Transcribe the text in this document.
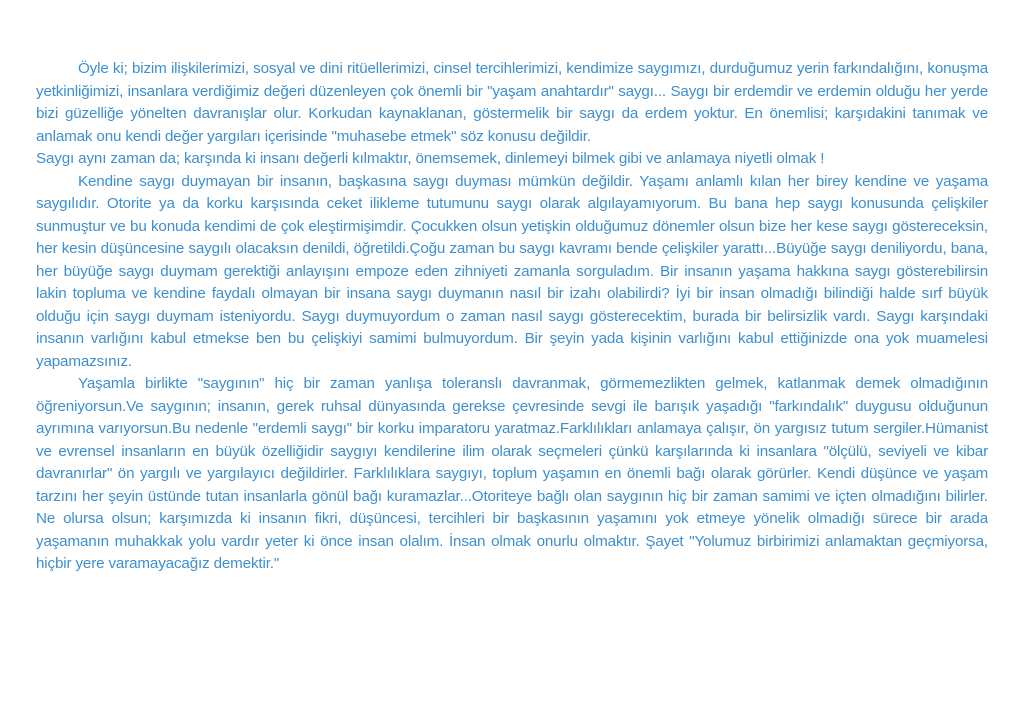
Öyle ki; bizim ilişkilerimizi, sosyal ve dini ritüellerimizi, cinsel tercihlerimizi, kendimize saygımızı, durduğumuz yerin farkındalığını, konuşma yetkinliğimizi, insanlara verdiğimiz değeri düzenleyen çok önemli bir "yaşam anahtardır" saygı... Saygı bir erdemdir ve erdemin olduğu her yerde bizi güzelliğe yönelten davranışlar olur. Korkudan kaynaklanan, göstermelik bir saygı da erdem yoktur. En önemlisi; karşıdakini tanımak ve anlamak onu kendi değer yargıları içerisinde "muhasebe etmek" söz konusu değildir.

Saygı aynı zaman da; karşında ki insanı değerli kılmaktır, önemsemek, dinlemeyi bilmek gibi ve anlamaya niyetli olmak !

Kendine saygı duymayan bir insanın, başkasına saygı duyması mümkün değildir. Yaşamı anlamlı kılan her birey kendine ve yaşama saygılıdır. Otorite ya da korku karşısında ceket ilikleme tutumunu saygı olarak algılayamıyorum. Bu bana hep saygı konusunda çelişkiler sunmuştur ve bu konuda kendimi de çok eleştirmişimdir. Çocukken olsun yetişkin olduğumuz dönemler olsun bize her kese saygı göstereceksin, her kesin düşüncesine saygılı olacaksın denildi, öğretildi.Çoğu zaman bu saygı kavramı bende çelişkiler yarattı...Büyüğe saygı deniliyordu, bana, her büyüğe saygı duymam gerektiği anlayışını empoze eden zihniyeti zamanla sorguladım. Bir insanın yaşama hakkına saygı gösterebilirsin lakin topluma ve kendine faydalı olmayan bir insana saygı duymanın nasıl bir izahı olabilirdi? İyi bir insan olmadığı bilindiği halde sırf büyük olduğu için saygı duymam isteniyordu. Saygı duymuyordum o zaman nasıl saygı gösterecektim, burada bir belirsizlik vardı. Saygı karşındaki insanın varlığını kabul etmekse ben bu çelişkiyi samimi bulmuyordum. Bir şeyin yada kişinin varlığını kabul ettiğinizde ona yok muamelesi yapamazsınız.

Yaşamla birlikte "saygının" hiç bir zaman yanlışa toleranslı davranmak, görmemezlikten gelmek, katlanmak demek olmadığının öğreniyorsun.Ve saygının; insanın, gerek ruhsal dünyasında gerekse çevresinde sevgi ile barışık yaşadığı "farkındalık" duygusu olduğunun ayrımına varıyorsun.Bu nedenle "erdemli saygı" bir korku imparatoru yaratmaz.Farklılıkları anlamaya çalışır, ön yargısız tutum sergiler.Hümanist ve evrensel insanların en büyük özelliğidir saygıyı kendilerine ilim olarak seçmeleri çünkü karşılarında ki insanlara "ölçülü, seviyeli ve kibar davranırlar" ön yargılı ve yargılayıcı değildirler. Farklılıklara saygıyı, toplum yaşamın en önemli bağı olarak görürler. Kendi düşünce ve yaşam tarzını her şeyin üstünde tutan insanlarla gönül bağı kuramazlar...Otoriteye bağlı olan saygının hiç bir zaman samimi ve içten olmadığını bilirler. Ne olursa olsun; karşımızda ki insanın fikri, düşüncesi, tercihleri bir başkasının yaşamını yok etmeye yönelik olmadığı sürece bir arada yaşamanın muhakkak yolu vardır yeter ki önce insan olalım. İnsan olmak onurlu olmaktır. Şayet "Yolumuz birbirimizi anlamaktan geçmiyorsa, hiçbir yere varamayacağız demektir."
